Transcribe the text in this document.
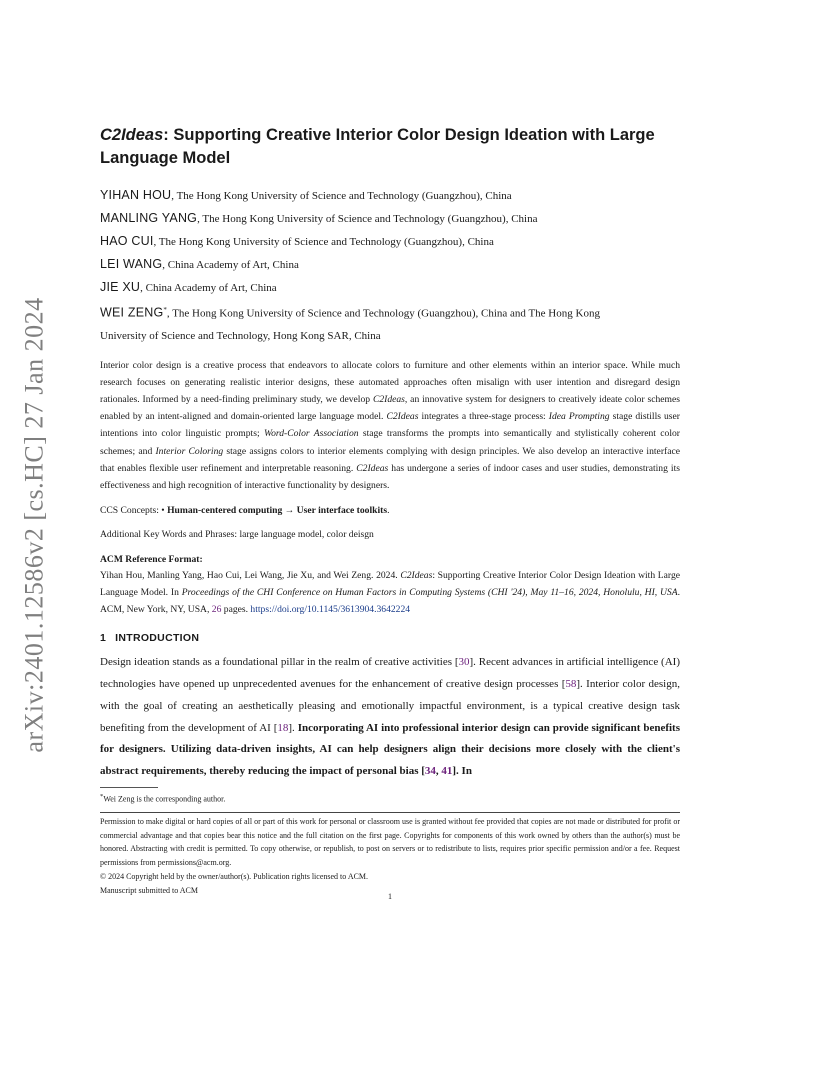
arXiv:2401.12586v2 [cs.HC] 27 Jan 2024
C2Ideas: Supporting Creative Interior Color Design Ideation with Large
Language Model
YIHAN HOU, The Hong Kong University of Science and Technology (Guangzhou), China
MANLING YANG, The Hong Kong University of Science and Technology (Guangzhou), China
HAO CUI, The Hong Kong University of Science and Technology (Guangzhou), China
LEI WANG, China Academy of Art, China
JIE XU, China Academy of Art, China
WEI ZENG*, The Hong Kong University of Science and Technology (Guangzhou), China and The Hong Kong
University of Science and Technology, Hong Kong SAR, China
Interior color design is a creative process that endeavors to allocate colors to furniture and other elements within an interior space. While much research focuses on generating realistic interior designs, these automated approaches often misalign with user intention and disregard design rationales. Informed by a need-finding preliminary study, we develop C2Ideas, an innovative system for designers to creatively ideate color schemes enabled by an intent-aligned and domain-oriented large language model. C2Ideas integrates a three-stage process: Idea Prompting stage distills user intentions into color linguistic prompts; Word-Color Association stage transforms the prompts into semantically and stylistically coherent color schemes; and Interior Coloring stage assigns colors to interior elements complying with design principles. We also develop an interactive interface that enables flexible user refinement and interpretable reasoning. C2Ideas has undergone a series of indoor cases and user studies, demonstrating its effectiveness and high recognition of interactive functionality by designers.
CCS Concepts: • Human-centered computing → User interface toolkits.
Additional Key Words and Phrases: large language model, color deisgn
ACM Reference Format:
Yihan Hou, Manling Yang, Hao Cui, Lei Wang, Jie Xu, and Wei Zeng. 2024. C2Ideas: Supporting Creative Interior Color Design Ideation with Large Language Model. In Proceedings of the CHI Conference on Human Factors in Computing Systems (CHI '24), May 11–16, 2024, Honolulu, HI, USA. ACM, New York, NY, USA, 26 pages. https://doi.org/10.1145/3613904.3642224
1 INTRODUCTION
Design ideation stands as a foundational pillar in the realm of creative activities [30]. Recent advances in artificial intelligence (AI) technologies have opened up unprecedented avenues for the enhancement of creative design processes [58]. Interior color design, with the goal of creating an aesthetically pleasing and emotionally impactful environment, is a typical creative design task benefiting from the development of AI [18]. Incorporating AI into professional interior design can provide significant benefits for designers. Utilizing data-driven insights, AI can help designers align their decisions more closely with the client's abstract requirements, thereby reducing the impact of personal bias [34, 41]. In
*Wei Zeng is the corresponding author.
Permission to make digital or hard copies of all or part of this work for personal or classroom use is granted without fee provided that copies are not made or distributed for profit or commercial advantage and that copies bear this notice and the full citation on the first page. Copyrights for components of this work owned by others than the author(s) must be honored. Abstracting with credit is permitted. To copy otherwise, or republish, to post on servers or to redistribute to lists, requires prior specific permission and/or a fee. Request permissions from permissions@acm.org.
© 2024 Copyright held by the owner/author(s). Publication rights licensed to ACM.
Manuscript submitted to ACM
1
